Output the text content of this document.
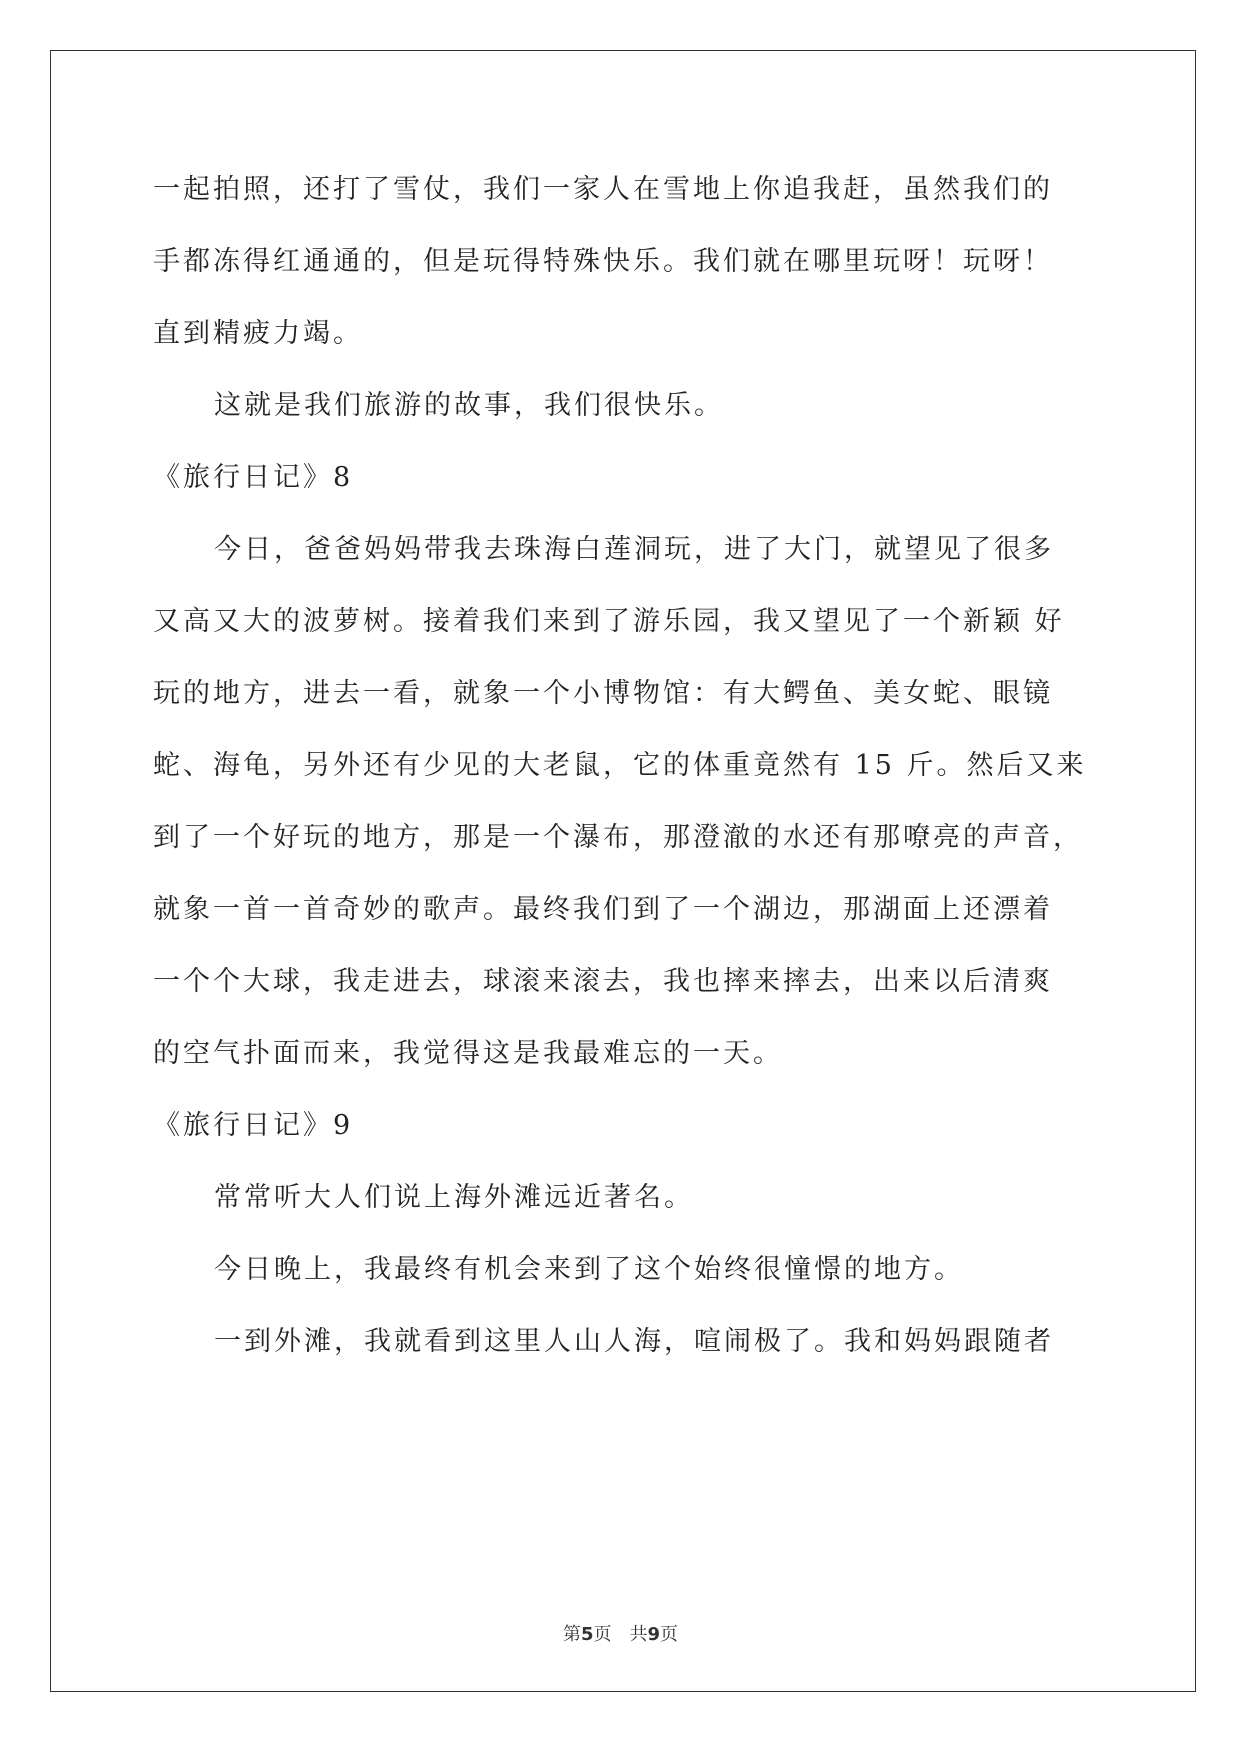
一起拍照，还打了雪仗，我们一家人在雪地上你追我赶，虽然我们的

手都冻得红通通的，但是玩得特殊快乐。我们就在哪里玩呀！玩呀！

直到精疲力竭。

这就是我们旅游的故事，我们很快乐。

《旅行日记》8

今日，爸爸妈妈带我去珠海白莲洞玩，进了大门，就望见了很多

又高又大的波萝树。接着我们来到了游乐园，我又望见了一个新颖 好

玩的地方，进去一看，就象一个小博物馆：有大鳄鱼、美女蛇、眼镜

蛇、海龟，另外还有少见的大老鼠，它的体重竟然有 15 斤。然后又来

到了一个好玩的地方，那是一个瀑布，那澄澈的水还有那嘹亮的声音，

就象一首一首奇妙的歌声。最终我们到了一个湖边，那湖面上还漂着

一个个大球，我走进去，球滚来滚去，我也摔来摔去，出来以后清爽

的空气扑面而来，我觉得这是我最难忘的一天。

《旅行日记》9

常常听大人们说上海外滩远近著名。

今日晚上，我最终有机会来到了这个始终很憧憬的地方。

一到外滩，我就看到这里人山人海，喧闹极了。我和妈妈跟随者

第5页 共9页
